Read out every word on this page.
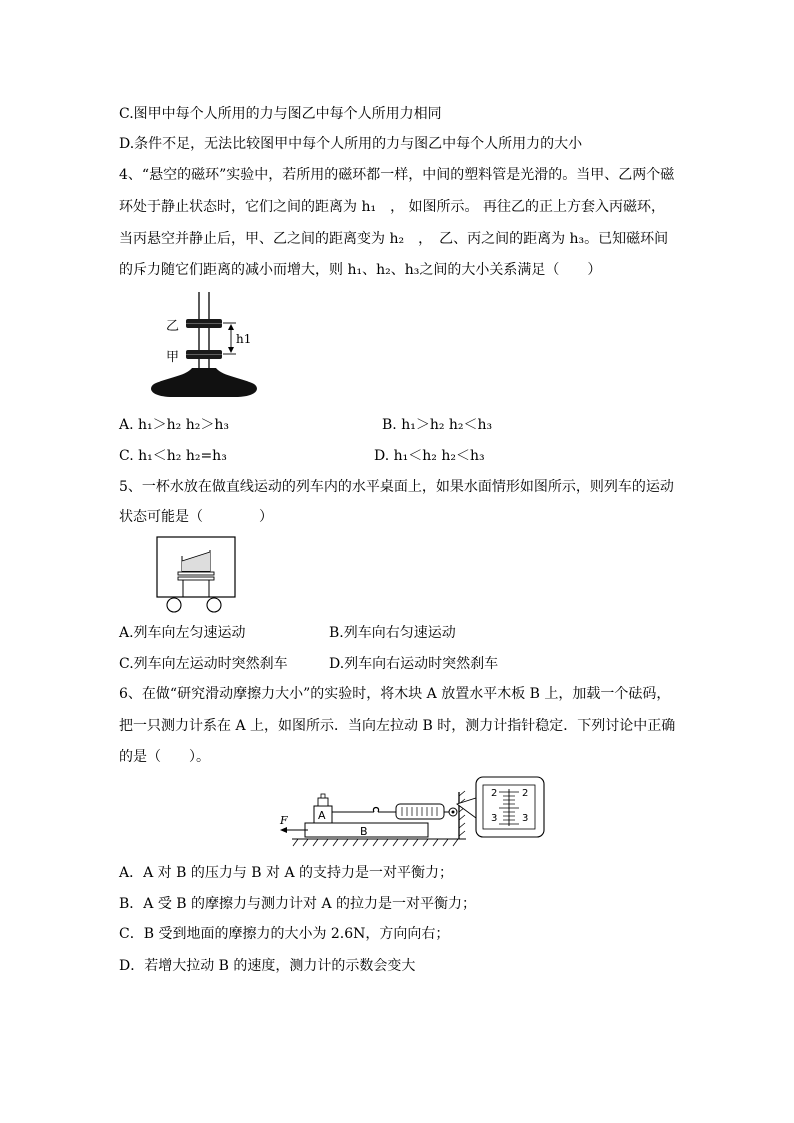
C.图甲中每个人所用的力与图乙中每个人所用力相同
D.条件不足，无法比较图甲中每个人所用的力与图乙中每个人所用力的大小
4、“悬空的磁环”实验中，若所用的磁环都一样，中间的塑料管是光滑的。当甲、乙两个磁
环处于静止状态时，它们之间的距离为 h₁　， 如图所示。 再往乙的正上方套入丙磁环，
当丙悬空并静止后，甲、乙之间的距离变为 h₂　，　乙、丙之间的距离为 h₃。已知磁环间
的斥力随它们距离的减小而增大，则 h₁、h₂、h₃之间的大小关系满足（　　）
乙
甲
h1
A. h₁＞h₂ h₂＞h₃	B. h₁＞h₂ h₂＜h₃
C. h₁＜h₂ h₂=h₃	D. h₁＜h₂ h₂＜h₃
5、一杯水放在做直线运动的列车内的水平桌面上，如果水面情形如图所示，则列车的运动
状态可能是（　　　　）
A.列车向左匀速运动	B.列车向右匀速运动
C.列车向左运动时突然刹车	D.列车向右运动时突然刹车
6、在做“研究滑动摩擦力大小”的实验时，将木块 A 放置水平木板 B 上，加载一个砝码，
把一只测力计系在 A 上，如图所示．当向左拉动 B 时，测力计指针稳定．下列讨论中正确
的是（　　）。
2 2
3 3
F	A
B
A．A 对 B 的压力与 B 对 A 的支持力是一对平衡力；
B．A 受 B 的摩擦力与测力计对 A 的拉力是一对平衡力；
C．B 受到地面的摩擦力的大小为 2.6N，方向向右；
D．若增大拉动 B 的速度，测力计的示数会变大
